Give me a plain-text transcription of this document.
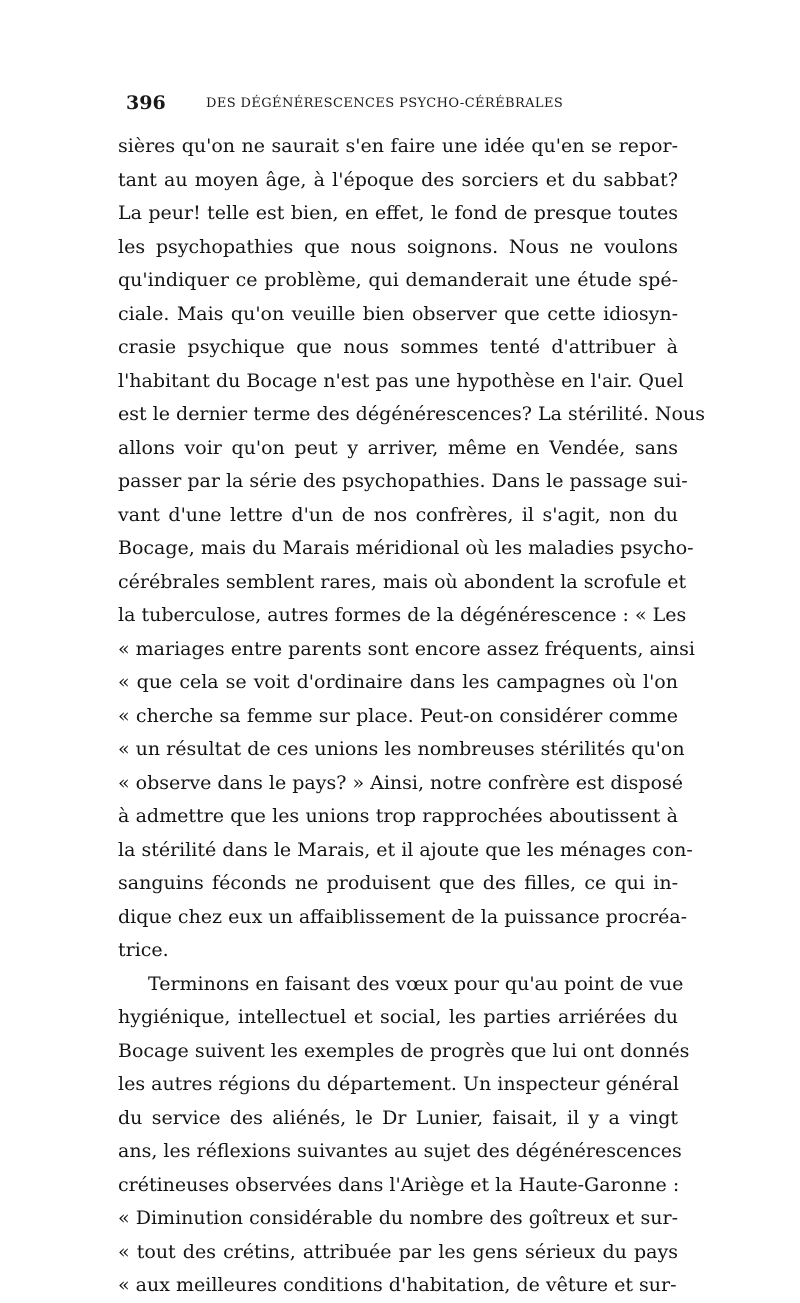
396	DES DÉGÉNÉRESCENCES PSYCHO-CÉRÉBRALES
sières qu'on ne saurait s'en faire une idée qu'en se repor-
tant au moyen âge, à l'époque des sorciers et du sabbat?
La peur! telle est bien, en effet, le fond de presque toutes
les psychopathies que nous soignons. Nous ne voulons
qu'indiquer ce problème, qui demanderait une étude spé-
ciale. Mais qu'on veuille bien observer que cette idiosyn-
crasie psychique que nous sommes tenté d'attribuer à
l'habitant du Bocage n'est pas une hypothèse en l'air. Quel
est le dernier terme des dégénérescences? La stérilité. Nous
allons voir qu'on peut y arriver, même en Vendée, sans
passer par la série des psychopathies. Dans le passage sui-
vant d'une lettre d'un de nos confrères, il s'agit, non du
Bocage, mais du Marais méridional où les maladies psycho-
cérébrales semblent rares, mais où abondent la scrofule et
la tuberculose, autres formes de la dégénérescence : « Les
« mariages entre parents sont encore assez fréquents, ainsi
« que cela se voit d'ordinaire dans les campagnes où l'on
« cherche sa femme sur place. Peut-on considérer comme
« un résultat de ces unions les nombreuses stérilités qu'on
« observe dans le pays? » Ainsi, notre confrère est disposé
à admettre que les unions trop rapprochées aboutissent à
la stérilité dans le Marais, et il ajoute que les ménages con-
sanguins féconds ne produisent que des filles, ce qui in-
dique chez eux un affaiblissement de la puissance procréa-
trice.
Terminons en faisant des vœux pour qu'au point de vue
hygiénique, intellectuel et social, les parties arriérées du
Bocage suivent les exemples de progrès que lui ont donnés
les autres régions du département. Un inspecteur général
du service des aliénés, le Dr Lunier, faisait, il y a vingt
ans, les réflexions suivantes au sujet des dégénérescences
crétineuses observées dans l'Ariège et la Haute-Garonne :
« Diminution considérable du nombre des goîtreux et sur-
« tout des crétins, attribuée par les gens sérieux du pays
« aux meilleures conditions d'habitation, de vêture et sur-
